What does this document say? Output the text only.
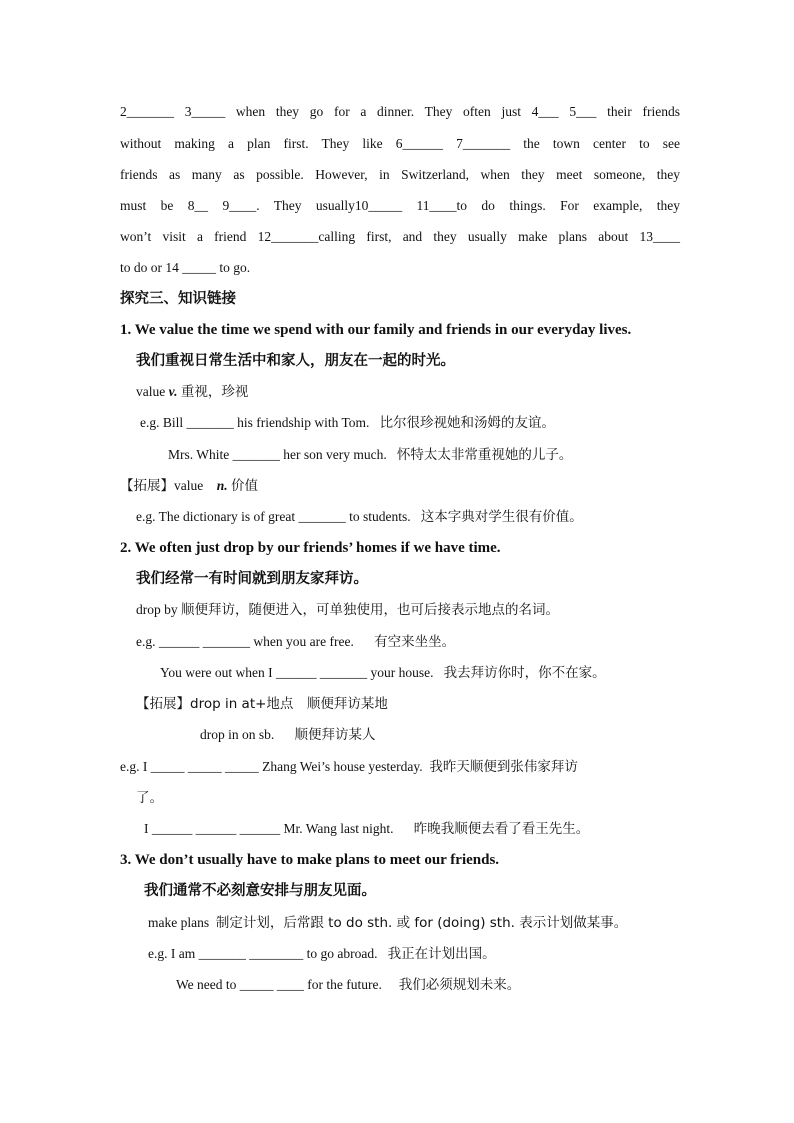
2_______ 3_____ when they go for a dinner. They often just 4___ 5___ their friends
without making a plan first. They like 6______ 7_______ the town center to see
friends as many as possible. However, in Switzerland, when they meet someone, they
must be 8__ 9____. They usually10_____ 11____to do things. For example, they
won’t visit a friend 12_______calling first, and they usually make plans about 13____
to do or 14 _____ to go.
探究三、知识链接
1. We value the time we spend with our family and friends in our everyday lives.
我们重视日常生活中和家人，朋友在一起的时光。
value v. 重视，珍视
e.g. Bill _______ his friendship with Tom. 比尔很珍视她和汤姆的友谊。
Mrs. White _______ her son very much. 怀特太太非常重视她的儿子。
【拓展】value n. 价值
e.g. The dictionary is of great _______ to students. 这本字典对学生很有价值。
2. We often just drop by our friends’ homes if we have time.
我们经常一有时间就到朋友家拜访。
drop by 顺便拜访，随便进入，可单独使用，也可后接表示地点的名词。
e.g. ______ _______ when you are free. 有空来坐坐。
You were out when I ______ _______ your house. 我去拜访你时，你不在家。
【拓展】drop in at+地点 顺便拜访某地
drop in on sb. 顺便拜访某人
e.g. I _____ _____ _____ Zhang Wei’s house yesterday. 我昨天顺便到张伟家拜访
了。
I ______ ______ ______ Mr. Wang last night. 昨晚我顺便去看了看王先生。
3. We don’t usually have to make plans to meet our friends.
我们通常不必刻意安排与朋友见面。
make plans 制定计划，后常跟 to do sth. 或 for (doing) sth. 表示计划做某事。
e.g. I am _______ ________ to go abroad. 我正在计划出国。
We need to _____ ____ for the future. 我们必须规划未来。
